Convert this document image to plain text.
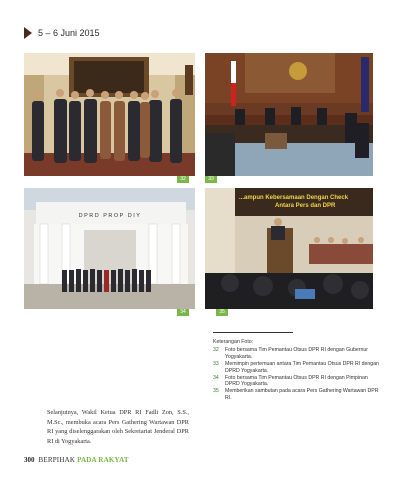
5 – 6 Juni 2015
32	33
DPRD PROP DIY
34
...ampun Kebersamaan Dengan Check
Antara Pers dan DPR
35
Keterangan Foto:
32	Foto bersama Tim Pemantau Otsus DPR RI dengan Gubernur Yogyakarta.
33	Memimpin pertemuan antara Tim Pemantau Otsus DPR RI dengan DPRD Yogyakarta.
34	Foto bersama Tim Pemantau Otsus DPR RI dengan Pimpinan DPRD Yogyakarta.
35	Memberikan sambutan pada acara Pers Gathering Wartawan DPR RI.
Selanjutnya, Wakil Ketua DPR RI Fadli Zon, S.S., M.Sc., membuka acara Pers Gathering Wartawan DPR RI yang diselenggarakan oleh Sekretariat Jenderal DPR RI di Yogyakarta.
300 BERPIHAK PADA RAKYAT
